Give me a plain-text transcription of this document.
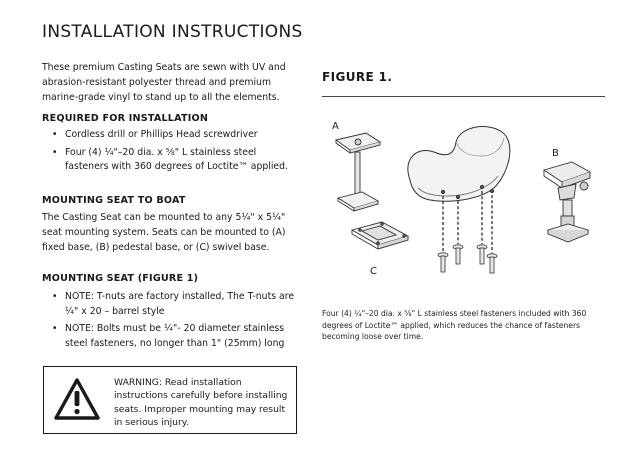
INSTALLATION INSTRUCTIONS

These premium Casting Seats are sewn with UV and abrasion-resistant polyester thread and premium marine-grade vinyl to stand up to all the elements.

REQUIRED FOR INSTALLATION
• Cordless drill or Phillips Head screwdriver
• Four (4) ¼"–20 dia. x ⅝" L stainless steel fasteners with 360 degrees of Loctite™ applied.
MOUNTING SEAT TO BOAT

The Casting Seat can be mounted to any 5¼" x 5¼" seat mounting system. Seats can be mounted to (A) fixed base, (B) pedestal base, or (C) swivel base.

MOUNTING SEAT (FIGURE 1)
• NOTE: T-nuts are factory installed, The T-nuts are ¼" x 20 – barrel style
• NOTE: Bolts must be ¼"- 20 diameter stainless steel fasteners, no longer than 1" (25mm) long

WARNING: Read installation instructions carefully before installing seats. Improper mounting may result in serious injury.

FIGURE 1.
A
B
C

Four (4) ¼"–20 dia. x ⅝" L stainless steel fasteners included with 360 degrees of Loctite™ applied, which reduces the chance of fasteners becoming loose over time.
